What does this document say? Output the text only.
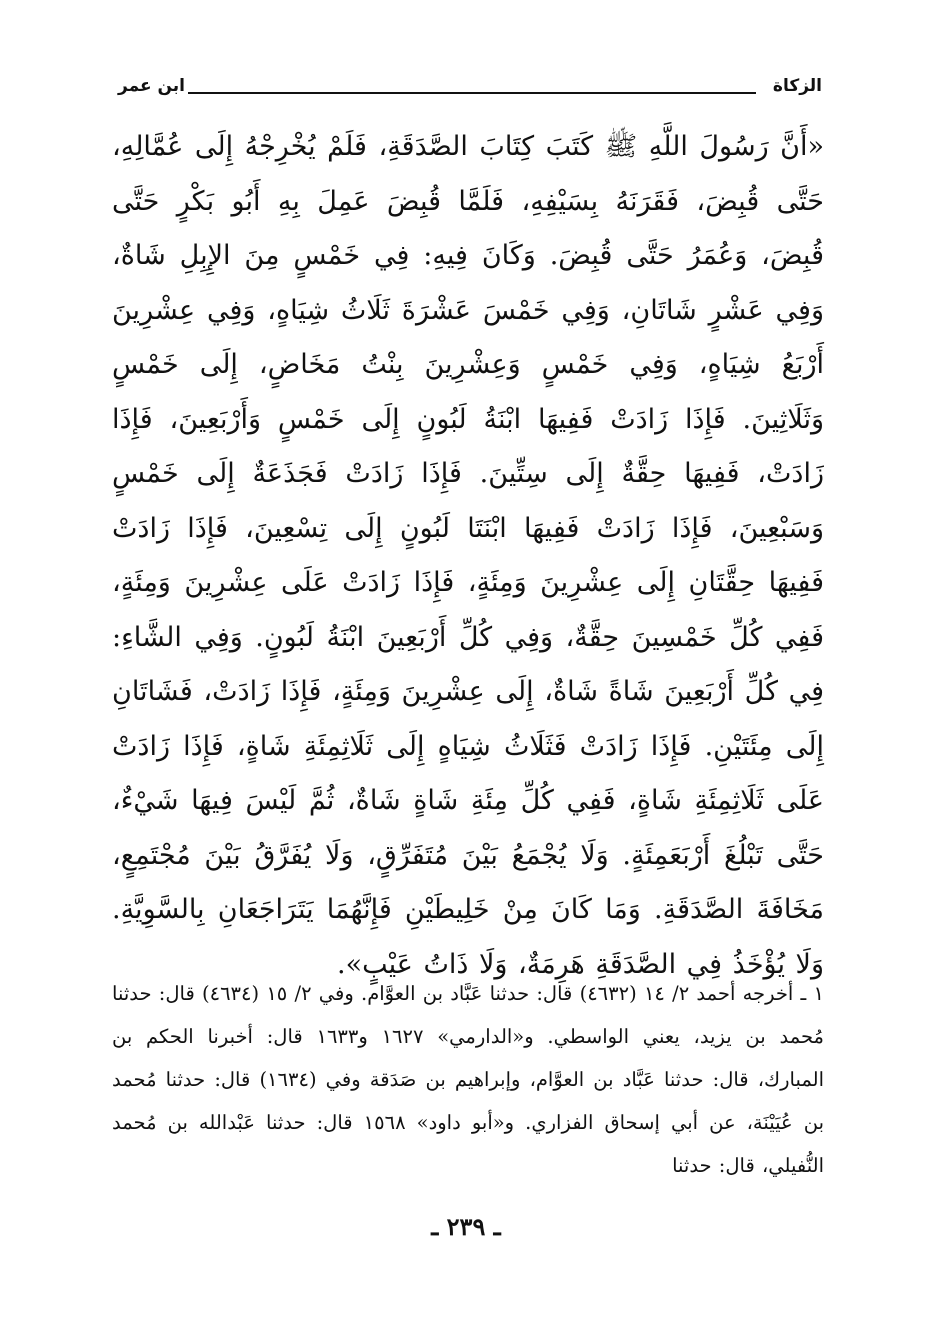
الزكاة
ابن عمر
«أَنَّ رَسُولَ اللَّهِ ﷺ كَتَبَ كِتَابَ الصَّدَقَةِ، فَلَمْ يُخْرِجْهُ إِلَى عُمَّالِهِ، حَتَّى قُبِضَ، فَقَرَنَهُ بِسَيْفِهِ، فَلَمَّا قُبِضَ عَمِلَ بِهِ أَبُو بَكْرٍ حَتَّى قُبِضَ، وَعُمَرُ حَتَّى قُبِضَ. وَكَانَ فِيهِ: فِي خَمْسٍ مِنَ الإِبِلِ شَاةٌ، وَفِي عَشْرٍ شَاتَانِ، وَفِي خَمْسَ عَشْرَةَ ثَلَاثُ شِيَاهٍ، وَفِي عِشْرِينَ أَرْبَعُ شِيَاهٍ، وَفِي خَمْسٍ وَعِشْرِينَ بِنْتُ مَخَاضٍ، إِلَى خَمْسٍ وَثَلَاثِينَ. فَإِذَا زَادَتْ فَفِيهَا ابْنَةُ لَبُونٍ إِلَى خَمْسٍ وَأَرْبَعِينَ، فَإِذَا زَادَتْ، فَفِيهَا حِقَّةٌ إِلَى سِتِّينَ. فَإِذَا زَادَتْ فَجَذَعَةٌ إِلَى خَمْسٍ وَسَبْعِينَ، فَإِذَا زَادَتْ فَفِيهَا ابْنَتَا لَبُونٍ إِلَى تِسْعِينَ، فَإِذَا زَادَتْ فَفِيهَا حِقَّتَانِ إِلَى عِشْرِينَ وَمِئَةٍ، فَإِذَا زَادَتْ عَلَى عِشْرِينَ وَمِئَةٍ، فَفِي كُلِّ خَمْسِينَ حِقَّةٌ، وَفِي كُلِّ أَرْبَعِينَ ابْنَةُ لَبُونٍ. وَفِي الشَّاءِ: فِي كُلِّ أَرْبَعِينَ شَاةً شَاةٌ، إِلَى عِشْرِينَ وَمِئَةٍ، فَإِذَا زَادَتْ، فَشَاتَانِ إِلَى مِئَتَيْنِ. فَإِذَا زَادَتْ فَثَلَاثُ شِيَاهٍ إِلَى ثَلَاثِمِئَةِ شَاةٍ، فَإِذَا زَادَتْ عَلَى ثَلَاثِمِئَةِ شَاةٍ، فَفِي كُلِّ مِئَةِ شَاةٍ شَاةٌ، ثُمَّ لَيْسَ فِيهَا شَيْءٌ، حَتَّى تَبْلُغَ أَرْبَعَمِئَةٍ. وَلَا يُجْمَعُ بَيْنَ مُتَفَرِّقٍ، وَلَا يُفَرَّقُ بَيْنَ مُجْتَمِعٍ، مَخَافَةَ الصَّدَقَةِ. وَمَا كَانَ مِنْ خَلِيطَيْنِ فَإِنَّهُمَا يَتَرَاجَعَانِ بِالسَّوِيَّةِ. وَلَا يُؤْخَذُ فِي الصَّدَقَةِ هَرِمَةٌ، وَلَا ذَاتُ عَيْبٍ».
١ ـ أخرجه أحمد ٢/ ١٤ (٤٦٣٢) قال: حدثنا عَبَّاد بن العوَّام. وفي ٢/ ١٥ (٤٦٣٤) قال: حدثنا مُحمد بن يزيد، يعني الواسطي. و«الدارمي» ١٦٢٧ و١٦٣٣ قال: أخبرنا الحكم بن المبارك، قال: حدثنا عَبَّاد بن العوَّام، وإبراهيم بن صَدَقة وفي (١٦٣٤) قال: حدثنا مُحمد بن عُيَيْنَة، عن أبي إسحاق الفزاري. و«أبو داود» ١٥٦٨ قال: حدثنا عَبْدالله بن مُحمد النُّفيلي، قال: حدثنا
ـ ٢٣٩ ـ
